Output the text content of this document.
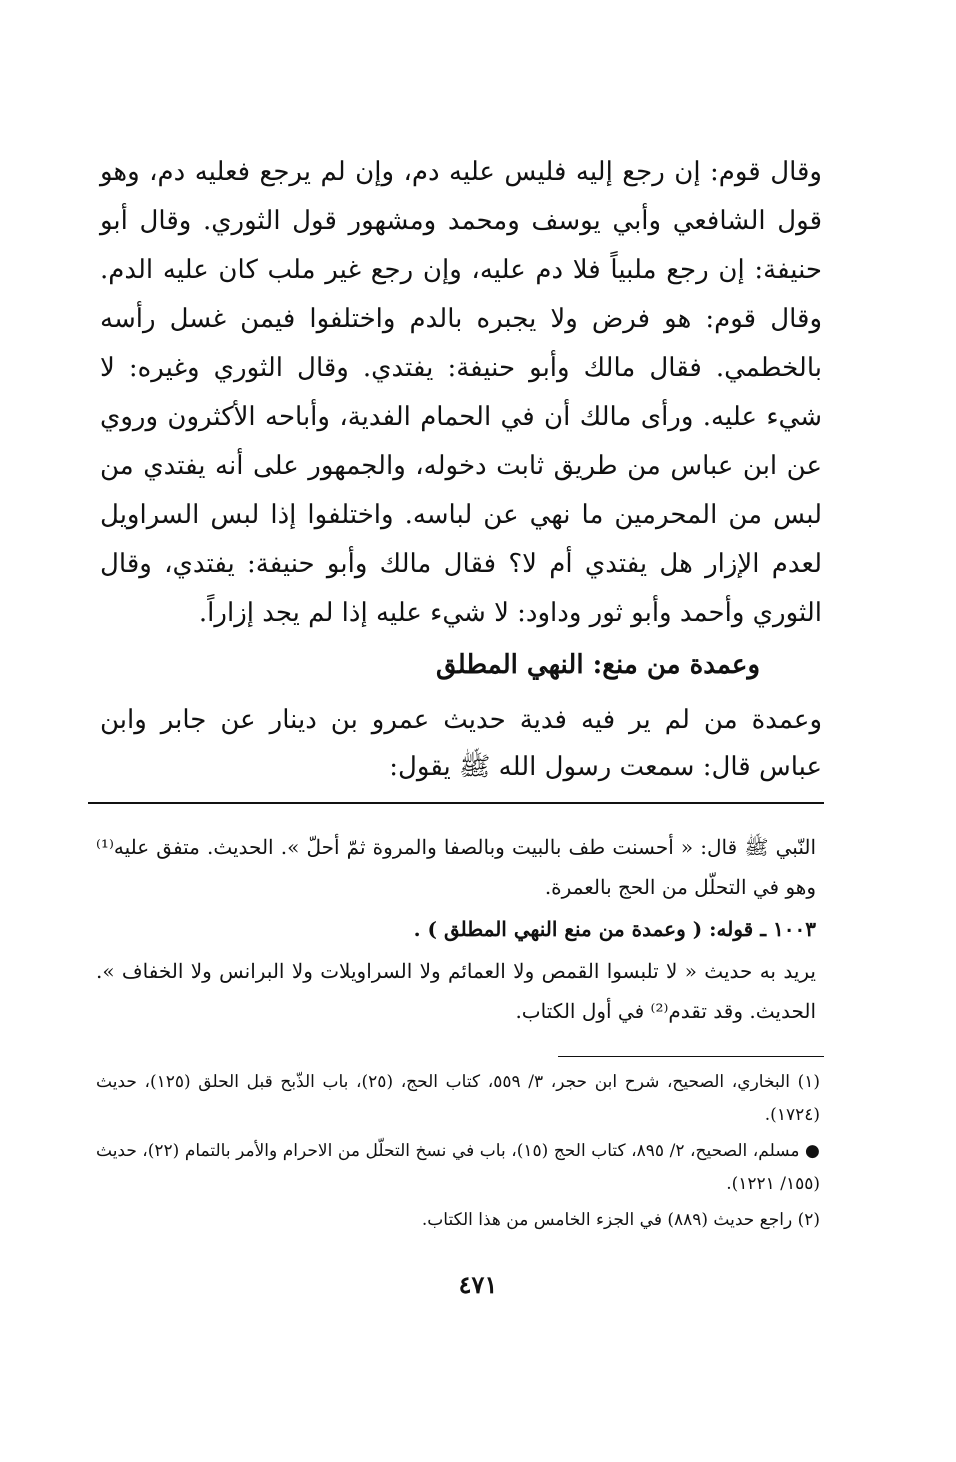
وقال قوم: إن رجع إليه فليس عليه دم، وإن لم يرجع فعليه دم، وهو قول الشافعي وأبي يوسف ومحمد ومشهور قول الثوري. وقال أبو حنيفة: إن رجع ملبياً فلا دم عليه، وإن رجع غير ملب كان عليه الدم. وقال قوم: هو فرض ولا يجبره بالدم واختلفوا فيمن غسل رأسه بالخطمي. فقال مالك وأبو حنيفة: يفتدي. وقال الثوري وغيره: لا شيء عليه. ورأى مالك أن في الحمام الفدية، وأباحه الأكثرون وروي عن ابن عباس من طريق ثابت دخوله، والجمهور على أنه يفتدي من لبس من المحرمين ما نهي عن لباسه. واختلفوا إذا لبس السراويل لعدم الإزار هل يفتدي أم لا؟ فقال مالك وأبو حنيفة: يفتدي، وقال الثوري وأحمد وأبو ثور وداود: لا شيء عليه إذا لم يجد إزاراً.

وعمدة من منع: النهي المطلق

وعمدة من لم ير فيه فدية حديث عمرو بن دينار عن جابر وابن عباس قال: سمعت رسول الله ﷺ يقول:

النّبي ﷺ قال: « أحسنت طف بالبيت وبالصفا والمروة ثمّ أحلّ ». الحديث. متفق عليه⁽¹⁾ وهو في التحلّل من الحج بالعمرة.

١٠٠٣ ـ قوله: ( وعمدة من منع النهي المطلق ) .

يريد به حديث « لا تلبسوا القمص ولا العمائم ولا السراويلات ولا البرانس ولا الخفاف ». الحديث. وقد تقدم⁽²⁾ في أول الكتاب.

(١) البخاري، الصحيح، شرح ابن حجر، ٣/ ٥٥٩، كتاب الحج، (٢٥)، باب الذّبح قبل الحلق (١٢٥)، حديث (١٧٢٤).

● مسلم، الصحيح، ٢/ ٨٩٥، كتاب الحج (١٥)، باب في نسخ التحلّل من الاحرام والأمر بالتمام (٢٢)، حديث (١٥٥/ ١٢٢١).

(٢) راجع حديث (٨٨٩) في الجزء الخامس من هذا الكتاب.

٤٧١
